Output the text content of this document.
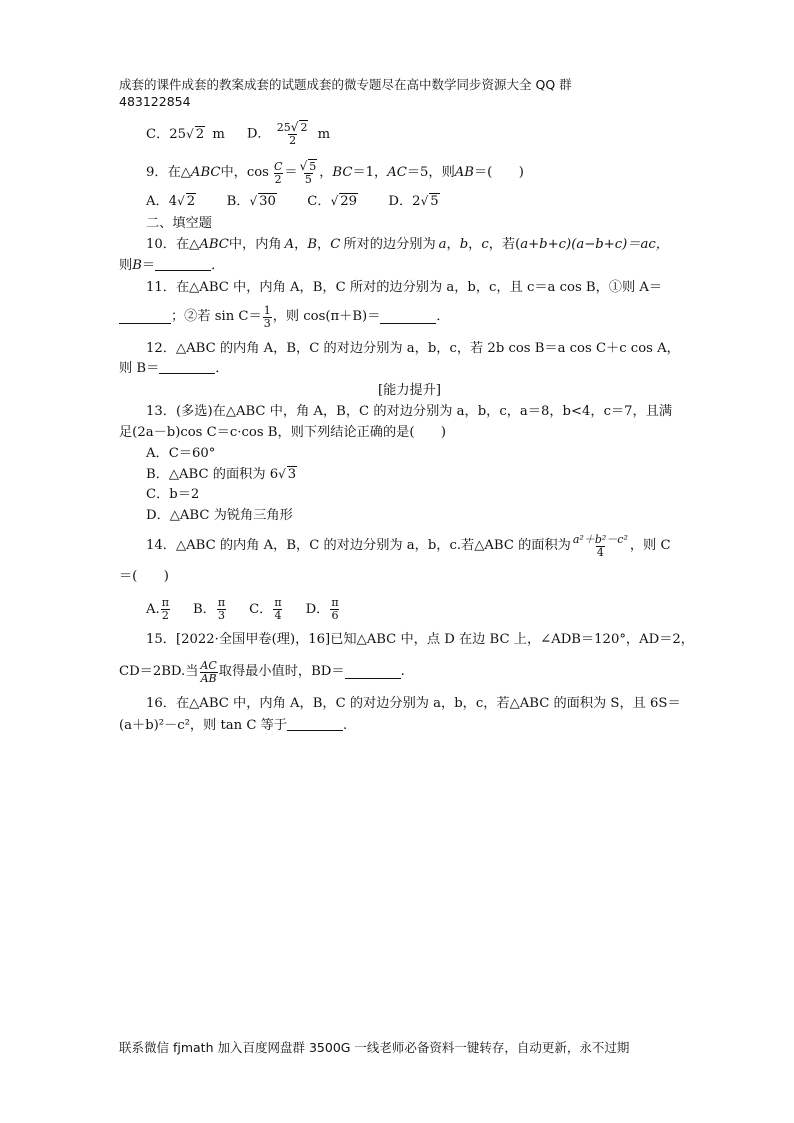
成套的课件成套的教案成套的试题成套的微专题尽在高中数学同步资源大全 QQ 群
483122854
C．25√ 2 m D． $\frac{25√ 2}{2}$ m
9．在△ ABC 中，$\cos \frac{C}{2} = \frac{√ 5}{5}$ ， BC ＝1， AC ＝5，则 AB ＝(　　)
A．4√ 2 B．√ 30 C．√ 29 D．2√ 5
二、填空题
10．在△ABC中，内角 A，B，C 所对的边分别为 a，b，c，若(a+b+c)(a−b+c)＝ac，
则B＝	．
11．在△ABC 中，内角 A，B，C 所对的边分别为 a，b，c，且 c＝a cos B，①则 A＝
；②若 $\sin C= \frac{1}{3}$ ，则 cos(π＋B)＝	．
12．△ABC 的内角 A，B，C 的对边分别为 a，b，c，若 2b cos B＝a cos C＋c cos A，
则 B＝	．
[能力提升]
13．(多选)在△ABC 中，角 A，B，C 的对边分别为 a，b，c，a＝8，b<4，c＝7，且满
足(2a－b)cos C＝c·cos B，则下列结论正确的是(　　)
A．C＝60°
B．△ABC 的面积为 6√ 3
C．b＝2
D．△ABC 为锐角三角形
14．△ABC 的内角 A，B，C 的对边分别为 a，b，c.若△ABC 的面积为 $\frac{\text{a²＋b²－c²}}{4}$ ，则 C
＝(　　)
A. $\frac{\pi}{2}$ B． $\frac{\pi}{3}$ C． $\frac{\pi}{4}$ D． $\frac{\pi}{6}$
15．[2022·全国甲卷(理)，16]已知△ABC 中，点 D 在边 BC 上，∠ADB＝120°，AD＝2，
CD＝2BD.当 $\frac{AC}{AB}$ 取得最小值时，BD＝	.
16．在△ABC 中，内角 A，B，C 的对边分别为 a，b，c，若△ABC 的面积为 S，且 6S＝
(a＋b)²－c²，则 tan C 等于	.
联系微信 fjmath 加入百度网盘群 3500G 一线老师必备资料一键转存，自动更新，永不过期
